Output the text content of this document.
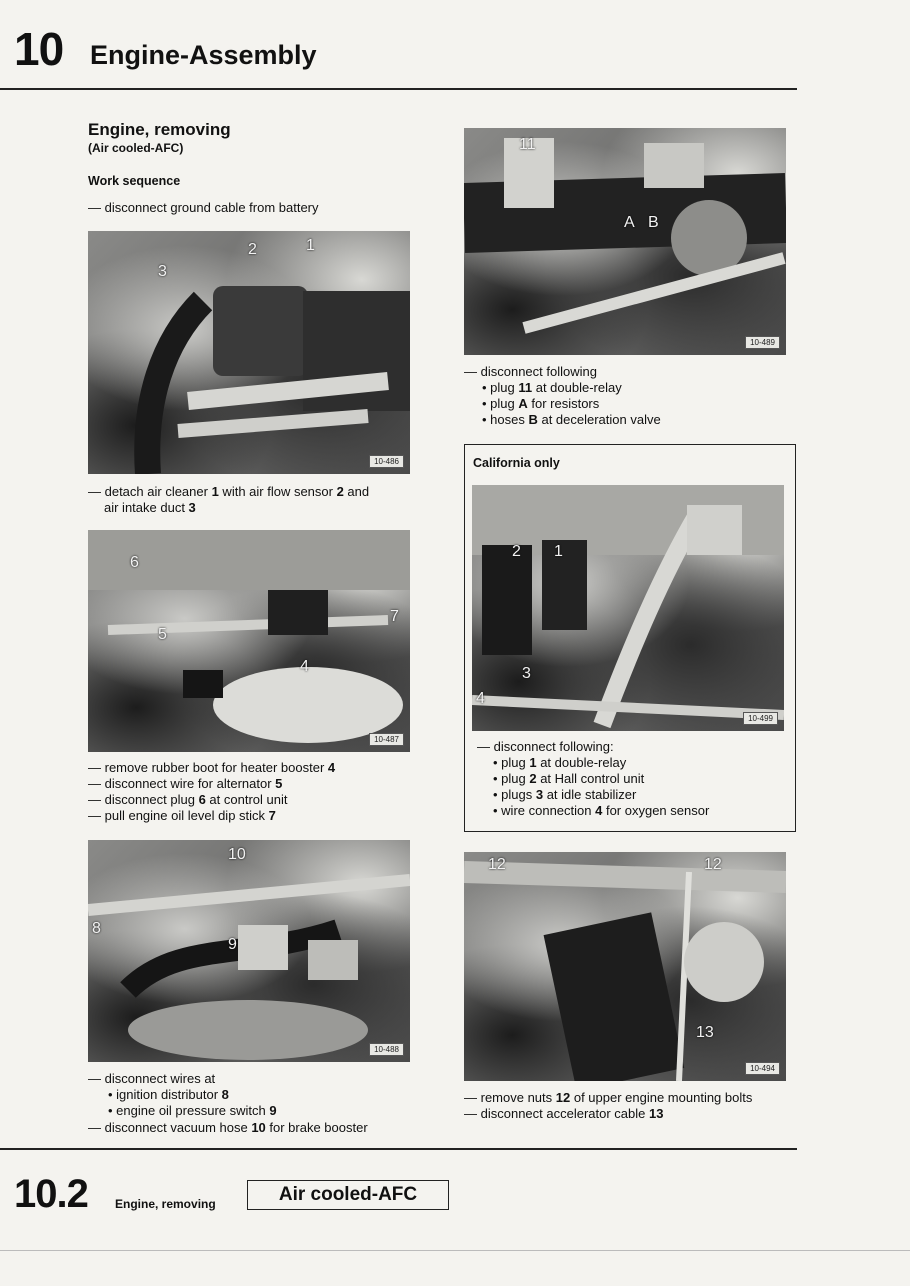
10 Engine-Assembly
Engine, removing
(Air cooled-AFC)
Work sequence
— disconnect ground cable from battery
1
2
3
10-486
— detach air cleaner 1 with air flow sensor 2 and
air intake duct 3
6
5
4
7
10-487
— remove rubber boot for heater booster 4
— disconnect wire for alternator 5
— disconnect plug 6 at control unit
— pull engine oil level dip stick 7
10
8
9
10-488
— disconnect wires at
• ignition distributor 8
• engine oil pressure switch 9
— disconnect vacuum hose 10 for brake booster
11
A B
10-489
— disconnect following
• plug 11 at double-relay
• plug A for resistors
• hoses B at deceleration valve
California only
1
2
3
4
10-499
— disconnect following:
• plug 1 at double-relay
• plug 2 at Hall control unit
• plugs 3 at idle stabilizer
• wire connection 4 for oxygen sensor
12	12
13
10-494
— remove nuts 12 of upper engine mounting bolts
— disconnect accelerator cable 13
10.2 Engine, removing	Air cooled-AFC
